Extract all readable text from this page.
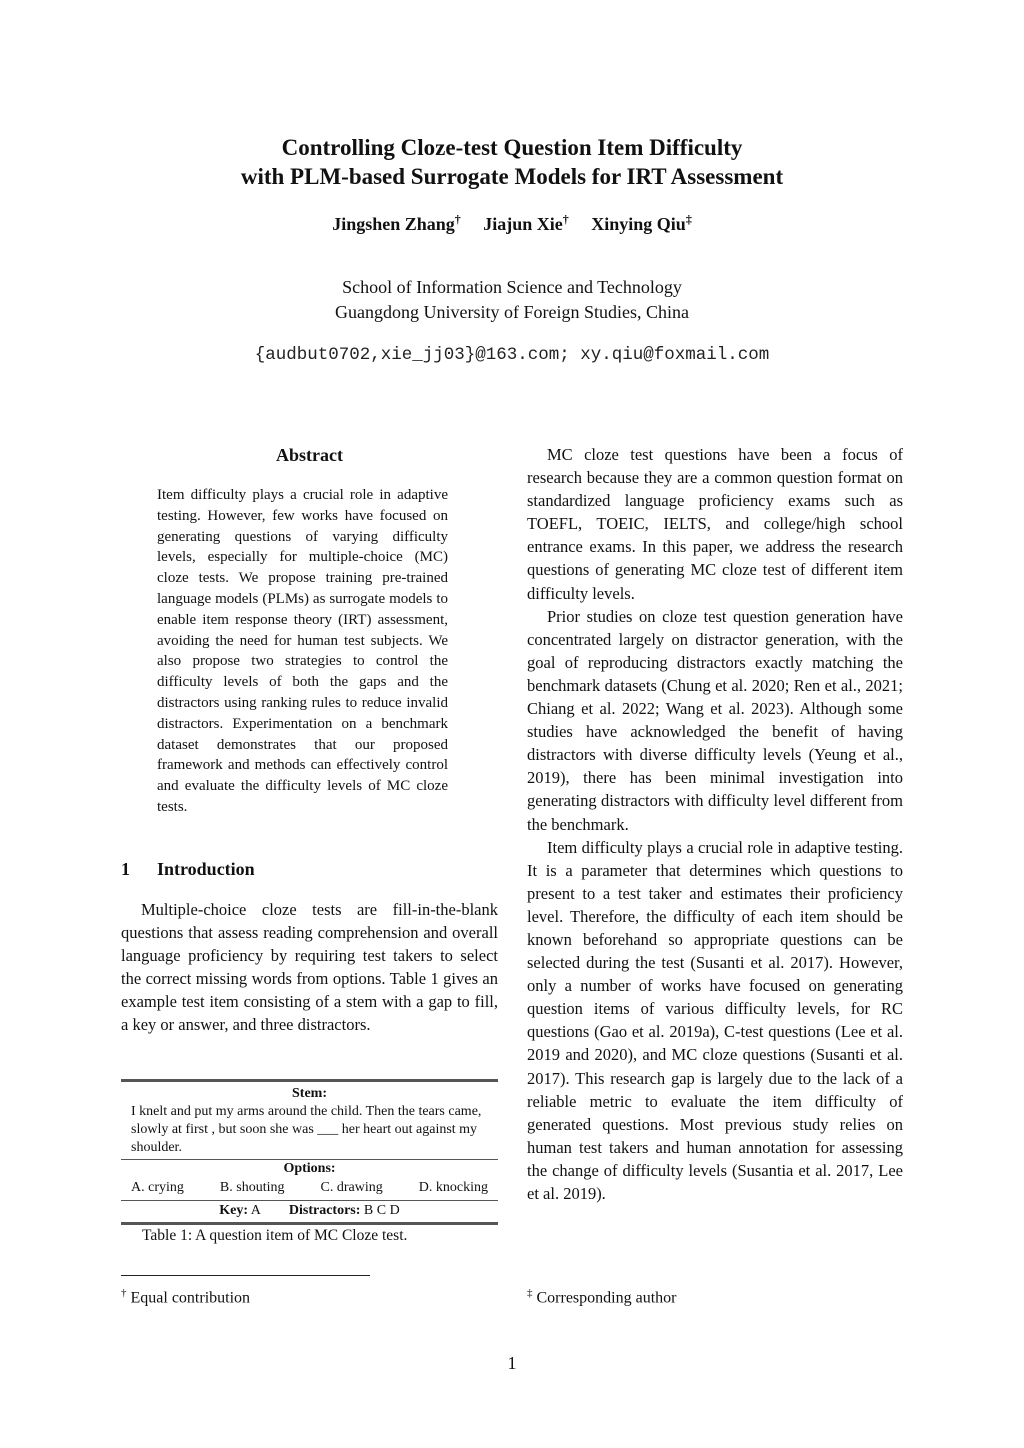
Controlling Cloze-test Question Item Difficulty
with PLM-based Surrogate Models for IRT Assessment
Jingshen Zhang† Jiajun Xie† Xinying Qiu‡
School of Information Science and Technology
Guangdong University of Foreign Studies, China
{audbut0702,xie_jj03}@163.com; xy.qiu@foxmail.com
Abstract
Item difficulty plays a crucial role in adaptive testing. However, few works have focused on generating questions of varying difficulty levels, especially for multiple-choice (MC) cloze tests. We propose training pre-trained language models (PLMs) as surrogate models to enable item response theory (IRT) assessment, avoiding the need for human test subjects. We also propose two strategies to control the difficulty levels of both the gaps and the distractors using ranking rules to reduce invalid distractors. Experimentation on a benchmark dataset demonstrates that our proposed framework and methods can effectively control and evaluate the difficulty levels of MC cloze tests.
1 Introduction

Multiple-choice cloze tests are fill-in-the-blank questions that assess reading comprehension and overall language proficiency by requiring test takers to select the correct missing words from options. Table 1 gives an example test item consisting of a stem with a gap to fill, a key or answer, and three distractors.

Stem:
I knelt and put my arms around the child. Then the tears came, slowly at first , but soon she was ___ her heart out against my shoulder.
Options:
A. crying	B. shouting	C. drawing	D. knocking
Key: A Distractors: B C D
Table 1: A question item of MC Cloze test.

MC cloze test questions have been a focus of research because they are a common question format on standardized language proficiency exams such as TOEFL, TOEIC, IELTS, and college/high school entrance exams. In this paper, we address the research questions of generating MC cloze test of different item difficulty levels.

Prior studies on cloze test question generation have concentrated largely on distractor generation, with the goal of reproducing distractors exactly matching the benchmark datasets (Chung et al. 2020; Ren et al., 2021; Chiang et al. 2022; Wang et al. 2023). Although some studies have acknowledged the benefit of having distractors with diverse difficulty levels (Yeung et al., 2019), there has been minimal investigation into generating distractors with difficulty level different from the benchmark.

Item difficulty plays a crucial role in adaptive testing. It is a parameter that determines which questions to present to a test taker and estimates their proficiency level. Therefore, the difficulty of each item should be known beforehand so appropriate questions can be selected during the test (Susanti et al. 2017). However, only a number of works have focused on generating question items of various difficulty levels, for RC questions (Gao et al. 2019a), C-test questions (Lee et al. 2019 and 2020), and MC cloze questions (Susanti et al. 2017). This research gap is largely due to the lack of a reliable metric to evaluate the item difficulty of generated questions. Most previous study relies on human test takers and human annotation for assessing the change of difficulty levels (Susantia et al. 2017, Lee et al. 2019).

† Equal contribution	‡ Corresponding author
1
